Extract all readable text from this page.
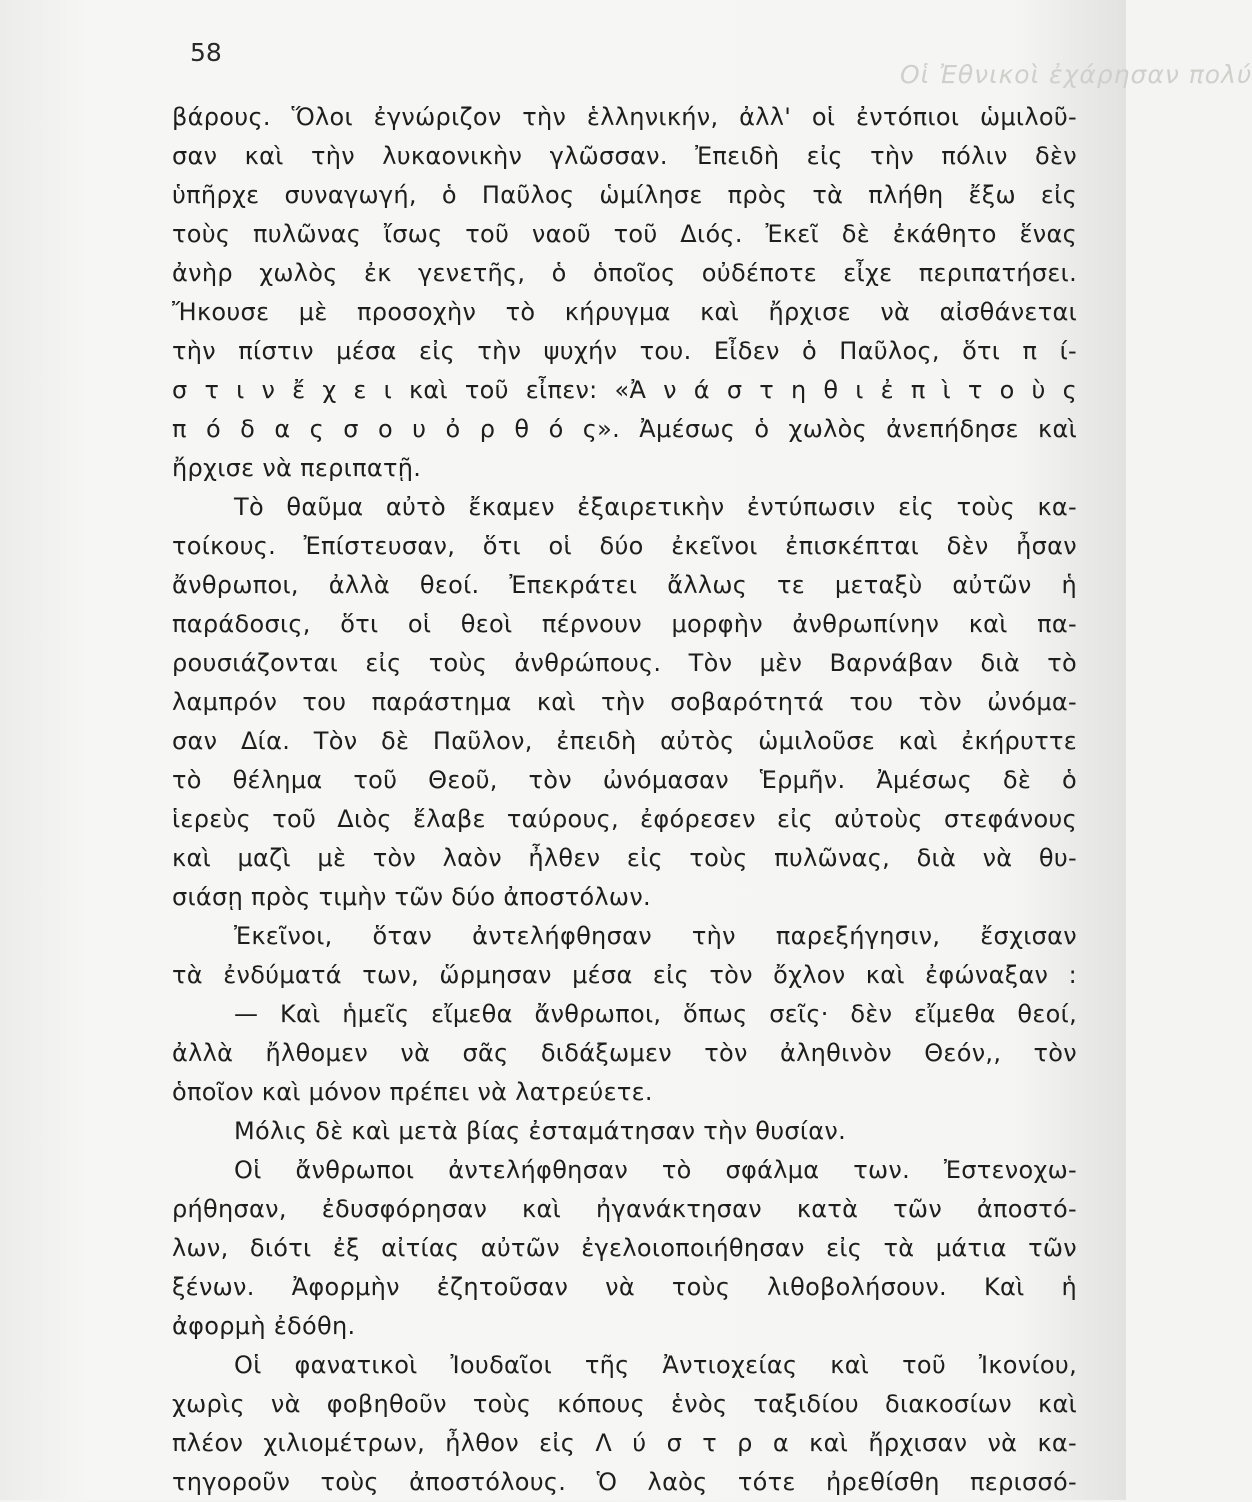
Οἱ Ἐθνικοὶ ἐχάρησαν πολύ
58
βάρους. Ὅλοι ἐγνώριζον τὴν ἑλληνικήν, ἀλλ' οἱ ἐντόπιοι ὡμιλοῦ-
σαν καὶ τὴν λυκαονικὴν γλῶσσαν. Ἐπειδὴ εἰς τὴν πόλιν δὲν
ὑπῆρχε συναγωγή, ὁ Παῦλος ὡμίλησε πρὸς τὰ πλήθη ἔξω εἰς
τοὺς πυλῶνας ἴσως τοῦ ναοῦ τοῦ Διός. Ἐκεῖ δὲ ἐκάθητο ἕνας
ἀνὴρ χωλὸς ἐκ γενετῆς, ὁ ὁποῖος οὐδέποτε εἶχε περιπατήσει.
Ἤκουσε μὲ προσοχὴν τὸ κήρυγμα καὶ ἤρχισε νὰ αἰσθάνεται
τὴν πίστιν μέσα εἰς τὴν ψυχήν του. Εἶδεν ὁ Παῦλος, ὅτι π ί-
σ τ ι ν ἔ χ ε ι καὶ τοῦ εἶπεν: «Ἀ ν ά σ τ η θ ι ἐ π ὶ τ ο ὺ ς
π ό δ α ς σ ο υ ὀ ρ θ ό ς». Ἀμέσως ὁ χωλὸς ἀνεπήδησε καὶ
ἤρχισε νὰ περιπατῇ.
Τὸ θαῦμα αὐτὸ ἔκαμεν ἐξαιρετικὴν ἐντύπωσιν εἰς τοὺς κα-
τοίκους. Ἐπίστευσαν, ὅτι οἱ δύο ἐκεῖνοι ἐπισκέπται δὲν ἦσαν
ἄνθρωποι, ἀλλὰ θεοί. Ἐπεκράτει ἄλλως τε μεταξὺ αὐτῶν ἡ
παράδοσις, ὅτι οἱ θεοὶ πέρνουν μορφὴν ἀνθρωπίνην καὶ πα-
ρουσιάζονται εἰς τοὺς ἀνθρώπους. Τὸν μὲν Βαρνάβαν διὰ τὸ
λαμπρόν του παράστημα καὶ τὴν σοβαρότητά του τὸν ὠνόμα-
σαν Δία. Τὸν δὲ Παῦλον, ἐπειδὴ αὐτὸς ὡμιλοῦσε καὶ ἐκήρυττε
τὸ θέλημα τοῦ Θεοῦ, τὸν ὠνόμασαν Ἑρμῆν. Ἀμέσως δὲ ὁ
ἱερεὺς τοῦ Διὸς ἔλαβε ταύρους, ἐφόρεσεν εἰς αὐτοὺς στεφάνους
καὶ μαζὶ μὲ τὸν λαὸν ἦλθεν εἰς τοὺς πυλῶνας, διὰ νὰ θυ-
σιάσῃ πρὸς τιμὴν τῶν δύο ἀποστόλων.
Ἐκεῖνοι, ὅταν ἀντελήφθησαν τὴν παρεξήγησιν, ἔσχισαν
τὰ ἐνδύματά των, ὥρμησαν μέσα εἰς τὸν ὄχλον καὶ ἐφώναξαν :
— Καὶ ἡμεῖς εἴμεθα ἄνθρωποι, ὅπως σεῖς· δὲν εἴμεθα θεοί,
ἀλλὰ ἤλθομεν νὰ σᾶς διδάξωμεν τὸν ἀληθινὸν Θεόν,, τὸν
ὁποῖον καὶ μόνον πρέπει νὰ λατρεύετε.
Μόλις δὲ καὶ μετὰ βίας ἐσταμάτησαν τὴν θυσίαν.
Οἱ ἄνθρωποι ἀντελήφθησαν τὸ σφάλμα των. Ἐστενοχω-
ρήθησαν, ἐδυσφόρησαν καὶ ἠγανάκτησαν κατὰ τῶν ἀποστό-
λων, διότι ἐξ αἰτίας αὐτῶν ἐγελοιοποιήθησαν εἰς τὰ μάτια τῶν
ξένων. Ἀφορμὴν ἐζητοῦσαν νὰ τοὺς λιθοβολήσουν. Καὶ ἡ
ἀφορμὴ ἐδόθη.
Οἱ φανατικοὶ Ἰουδαῖοι τῆς Ἀντιοχείας καὶ τοῦ Ἰκονίου,
χωρὶς νὰ φοβηθοῦν τοὺς κόπους ἑνὸς ταξιδίου διακοσίων καὶ
πλέον χιλιομέτρων, ἦλθον εἰς Λ ύ σ τ ρ α καὶ ἤρχισαν νὰ κα-
τηγοροῦν τοὺς ἀποστόλους. Ὁ λαὸς τότε ἠρεθίσθη περισσό-
